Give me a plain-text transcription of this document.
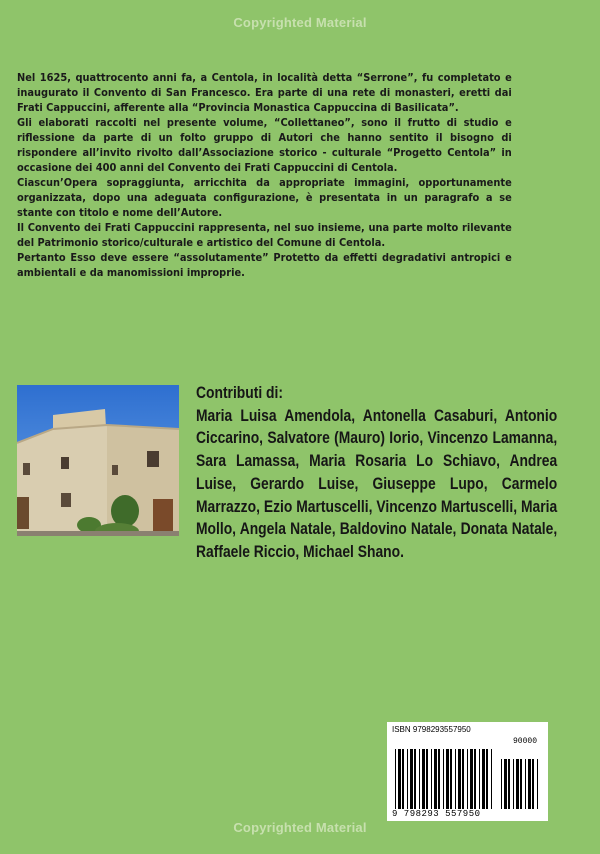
Copyrighted Material

Nel 1625, quattrocento anni fa, a Centola, in località detta “Serrone”, fu completato e inaugurato il Convento di San Francesco. Era parte di una rete di monasteri, eretti dai Frati Cappuccini, afferente alla “Provincia Monastica Cappuccina di Basilicata”.

Gli elaborati raccolti nel presente volume, “Collettaneo”, sono il frutto di studio e riflessione da parte di un folto gruppo di Autori che hanno sentito il bisogno di rispondere all’invito rivolto dall’Associazione storico - culturale “Progetto Centola” in occasione dei 400 anni del Convento dei Frati Cappuccini di Centola.

Ciascun’Opera sopraggiunta, arricchita da appropriate immagini, opportunamente organizzata, dopo una adeguata configurazione, è presentata in un paragrafo a se stante con titolo e nome dell’Autore.

Il Convento dei Frati Cappuccini rappresenta, nel suo insieme, una parte molto rilevante del Patrimonio storico/culturale e artistico del Comune di Centola.

Pertanto Esso deve essere “assolutamente” Protetto da effetti degradativi antropici e ambientali e da manomissioni improprie.

Contributi di:
Maria Luisa Amendola, Antonella Casaburi, Antonio Ciccarino, Salvatore (Mauro) Iorio, Vincenzo Lamanna, Sara Lamassa, Maria Rosaria Lo Schiavo, Andrea Luise, Gerardo Luise, Giuseppe Lupo, Carmelo Marrazzo, Ezio Martuscelli, Vincenzo Martuscelli, Maria Mollo, Angela Natale, Baldovino Natale, Donata Natale, Raffaele Riccio, Michael Shano.
ISBN 9798293557950
90000
9 798293 557950
Copyrighted Material
